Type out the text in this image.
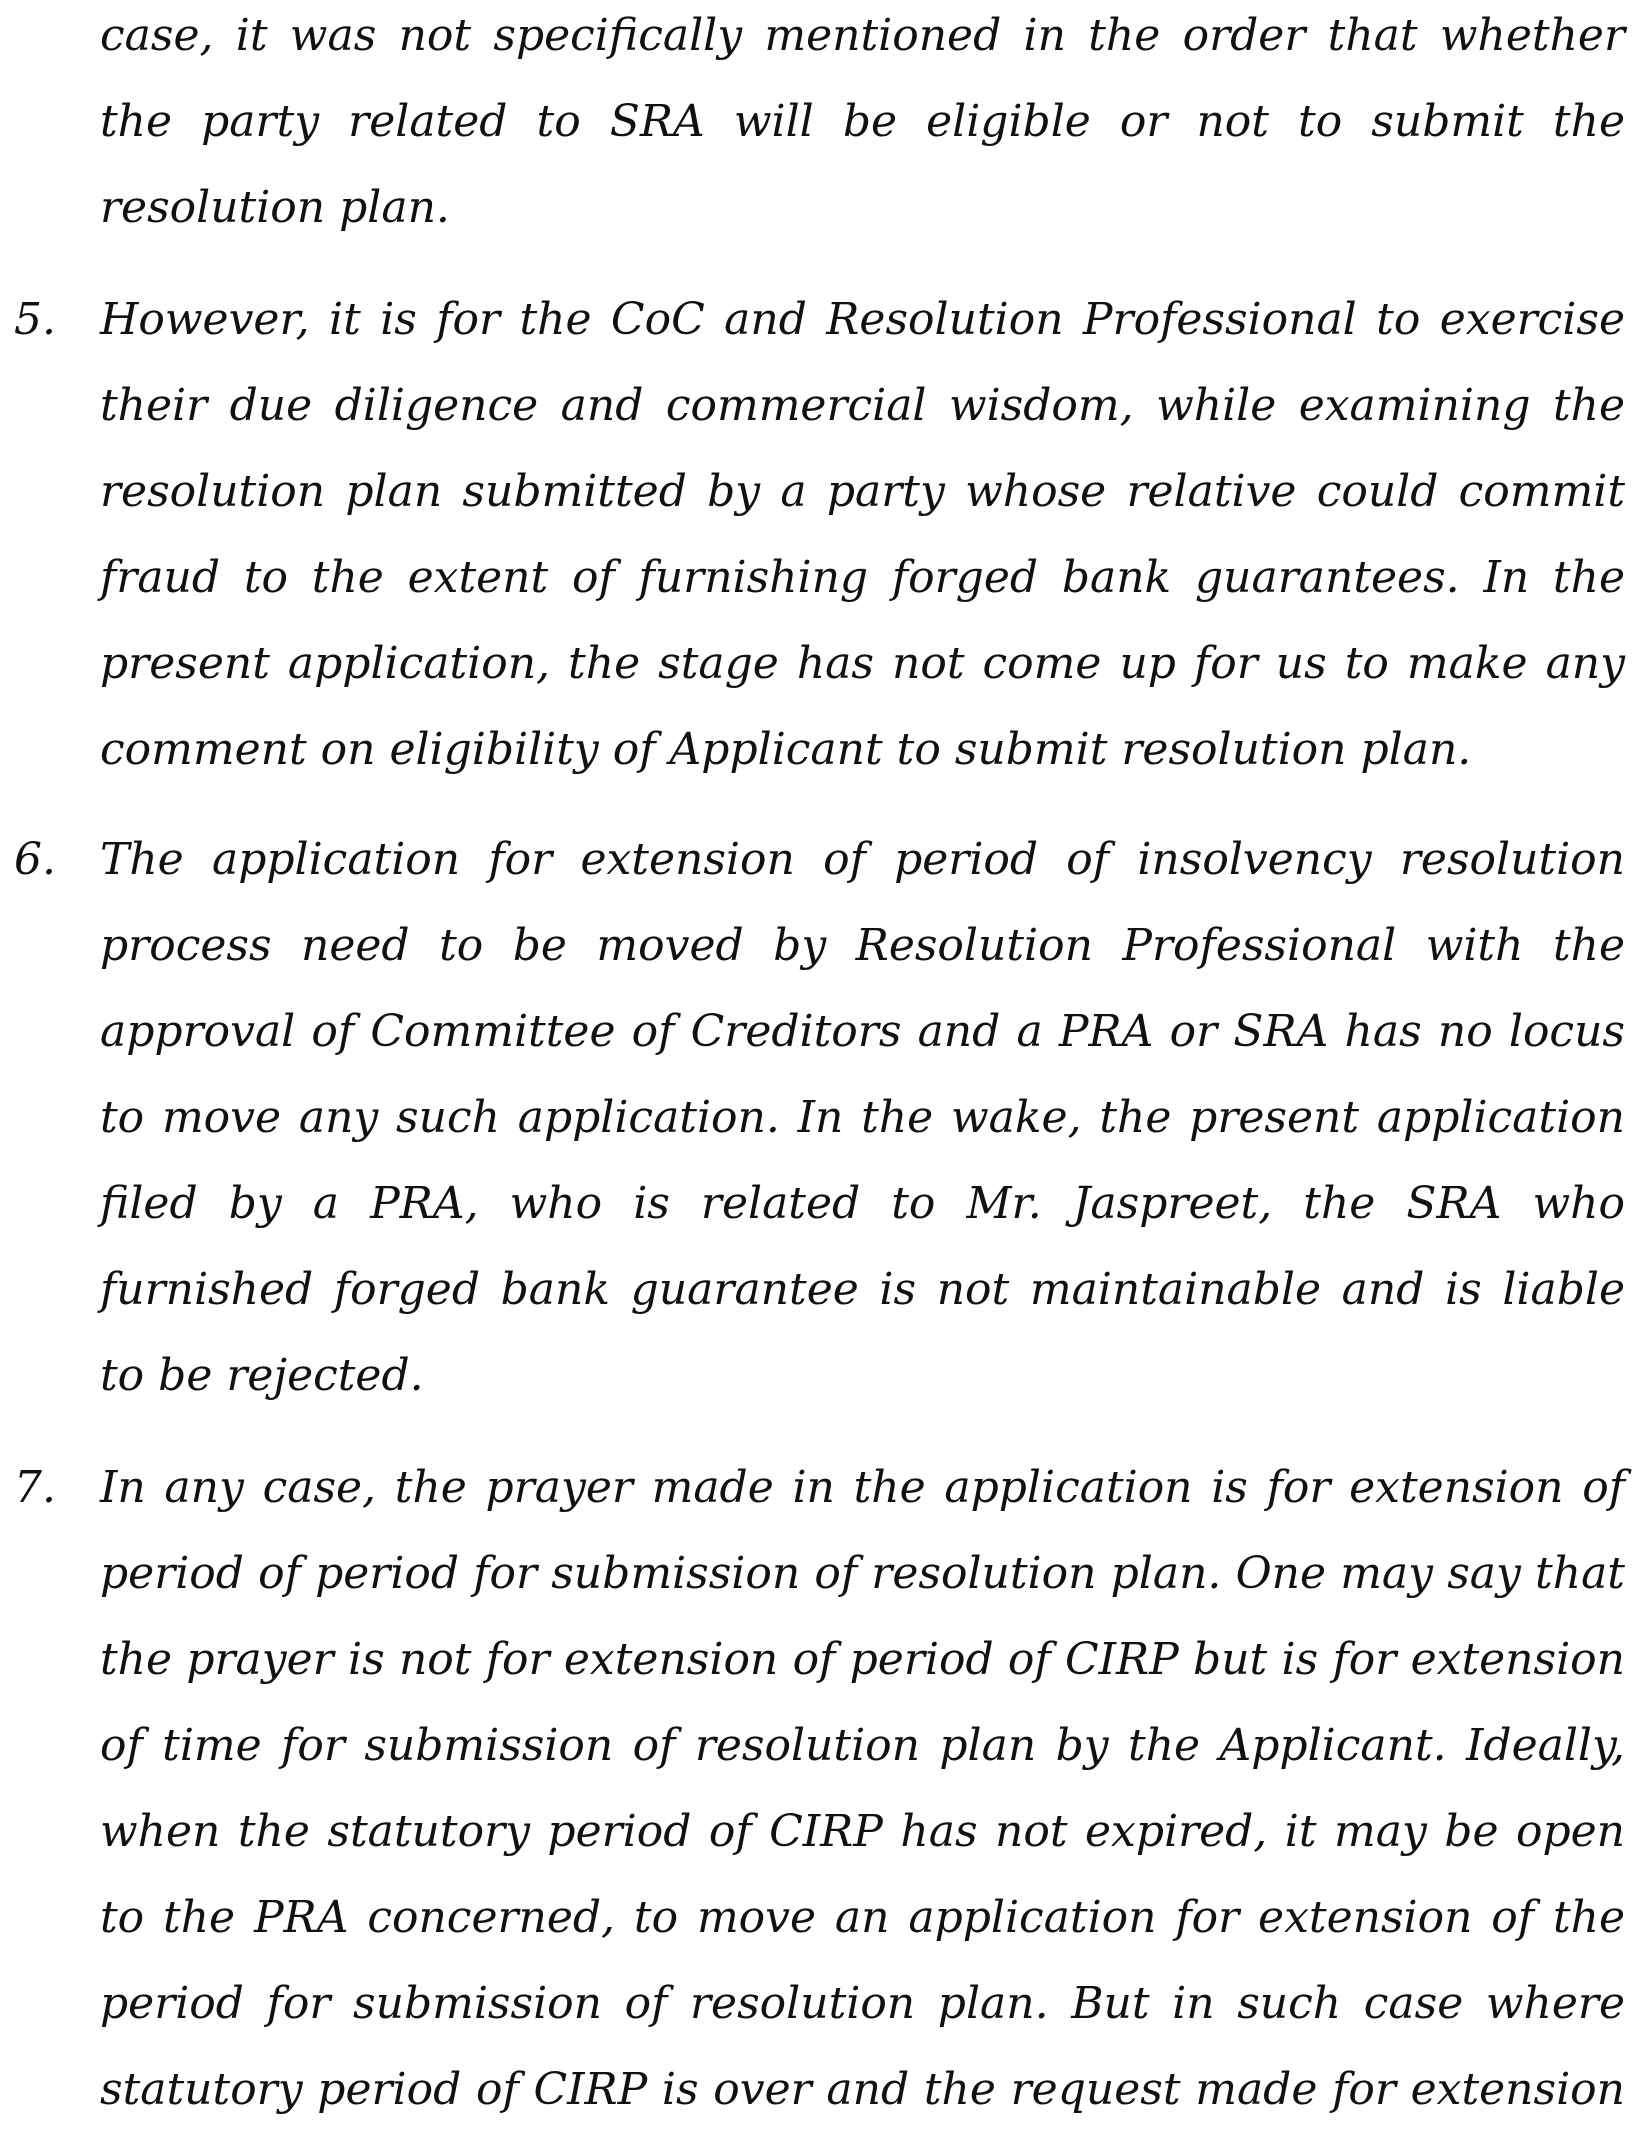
case, it was not specifically mentioned in the order that whether
the party related to SRA will be eligible or not to submit the
resolution plan.
5. However, it is for the CoC and Resolution Professional to exercise
their due diligence and commercial wisdom, while examining the
resolution plan submitted by a party whose relative could commit
fraud to the extent of furnishing forged bank guarantees. In the
present application, the stage has not come up for us to make any
comment on eligibility of Applicant to submit resolution plan.
6. The application for extension of period of insolvency resolution
process need to be moved by Resolution Professional with the
approval of Committee of Creditors and a PRA or SRA has no locus
to move any such application. In the wake, the present application
filed by a PRA, who is related to Mr. Jaspreet, the SRA who
furnished forged bank guarantee is not maintainable and is liable
to be rejected.
7. In any case, the prayer made in the application is for extension of
period of period for submission of resolution plan. One may say that
the prayer is not for extension of period of CIRP but is for extension
of time for submission of resolution plan by the Applicant. Ideally,
when the statutory period of CIRP has not expired, it may be open
to the PRA concerned, to move an application for extension of the
period for submission of resolution plan. But in such case where
statutory period of CIRP is over and the request made for extension
